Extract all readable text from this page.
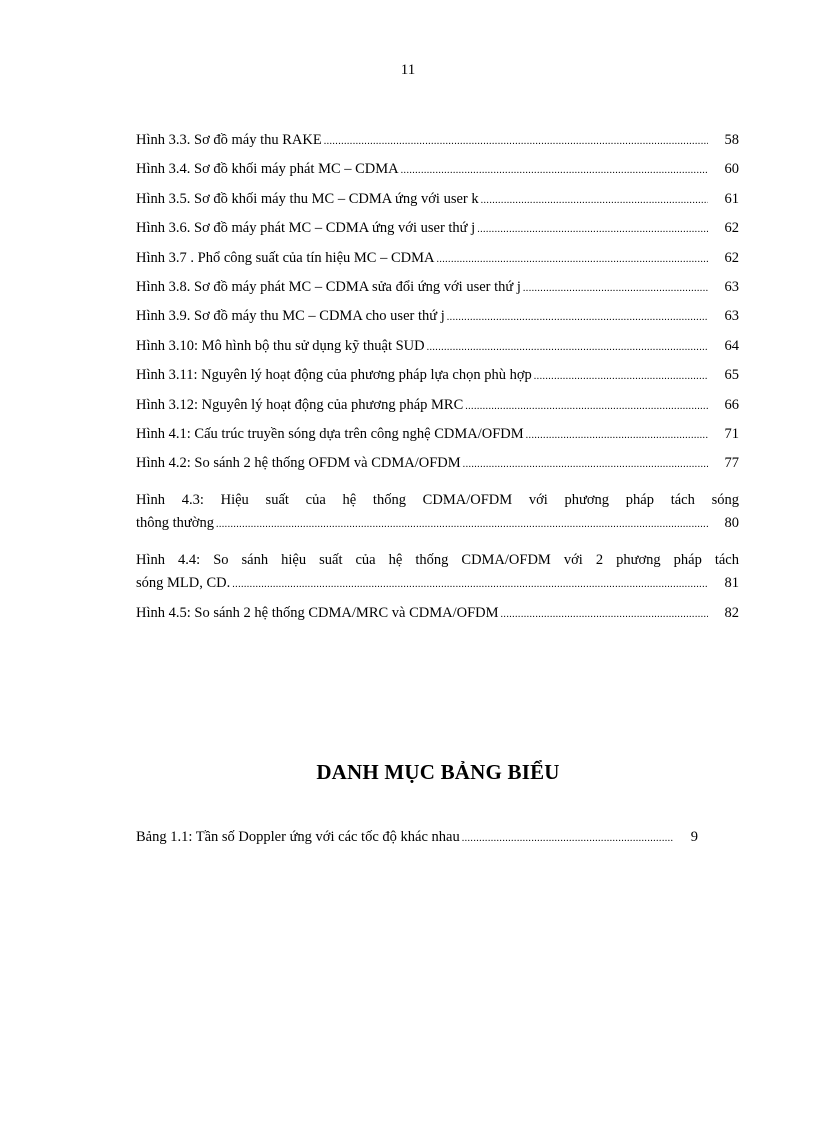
11
Hình 3.3. Sơ đồ máy thu RAKE .....	58
Hình 3.4. Sơ đồ khối máy phát MC – CDMA .....	60
Hình 3.5. Sơ đồ khối máy thu MC – CDMA ứng với user k .....	61
Hình 3.6. Sơ đồ máy phát MC – CDMA ứng với user thứ j .....	62
Hình 3.7 . Phổ công suất của tín hiệu MC – CDMA .....	62
Hình 3.8. Sơ đồ máy phát MC – CDMA sửa đổi ứng với user thứ j .....	63
Hình 3.9. Sơ đồ máy thu MC – CDMA cho user thứ j .....	63
Hình 3.10: Mô hình bộ thu sử dụng kỹ thuật SUD .....	64
Hình 3.11: Nguyên lý hoạt động của phương pháp lựa chọn phù hợp .....	65
Hình 3.12: Nguyên lý hoạt động của phương pháp MRC .....	66
Hình 4.1: Cấu trúc truyền sóng dựa trên công nghệ CDMA/OFDM .....	71
Hình 4.2: So sánh 2 hệ thống OFDM và CDMA/OFDM .....	77
Hình 4.3: Hiệu suất của hệ thống CDMA/OFDM với phương pháp tách sóng
thông thường .....	80
Hình 4.4: So sánh hiệu suất của hệ thống CDMA/OFDM với 2 phương pháp tách
sóng MLD, CD. .....	81
Hình 4.5: So sánh 2 hệ thống CDMA/MRC và CDMA/OFDM .....	82
DANH MỤC BẢNG BIỂU
Bảng 1.1: Tần số Doppler ứng với các tốc độ khác nhau .....	9
